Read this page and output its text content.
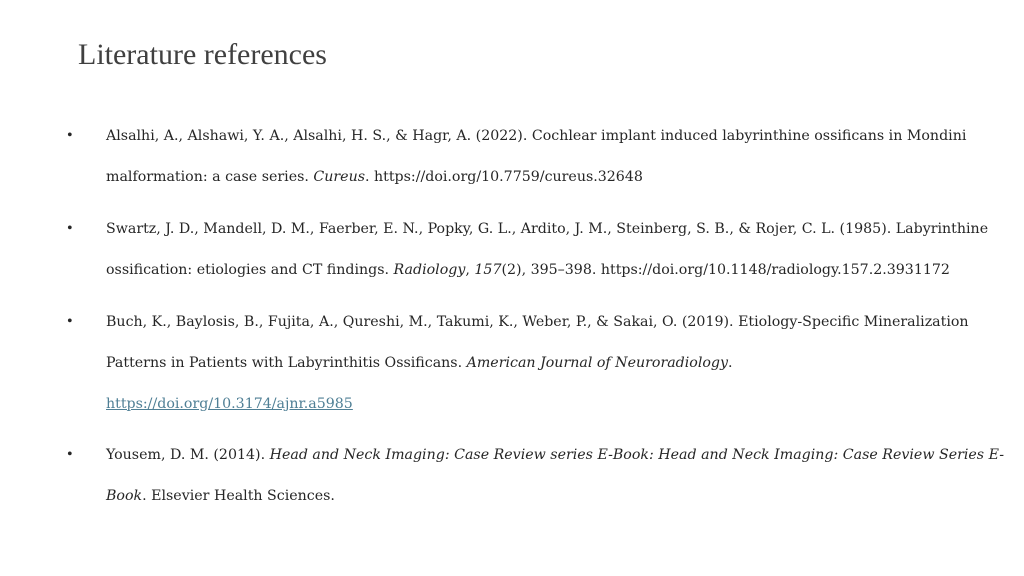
Literature references
• Alsalhi, A., Alshawi, Y. A., Alsalhi, H. S., & Hagr, A. (2022). Cochlear implant induced labyrinthine ossificans in Mondini
malformation: a case series. Cureus. https://doi.org/10.7759/cureus.32648
• Swartz, J. D., Mandell, D. M., Faerber, E. N., Popky, G. L., Ardito, J. M., Steinberg, S. B., & Rojer, C. L. (1985). Labyrinthine
ossification: etiologies and CT findings. Radiology, 157(2), 395–398. https://doi.org/10.1148/radiology.157.2.3931172
• Buch, K., Baylosis, B., Fujita, A., Qureshi, M., Takumi, K., Weber, P., & Sakai, O. (2019). Etiology-Specific Mineralization
Patterns in Patients with Labyrinthitis Ossificans. American Journal of Neuroradiology.
https://doi.org/10.3174/ajnr.a5985
• Yousem, D. M. (2014). Head and Neck Imaging: Case Review series E-Book: Head and Neck Imaging: Case Review Series E-
Book. Elsevier Health Sciences.
